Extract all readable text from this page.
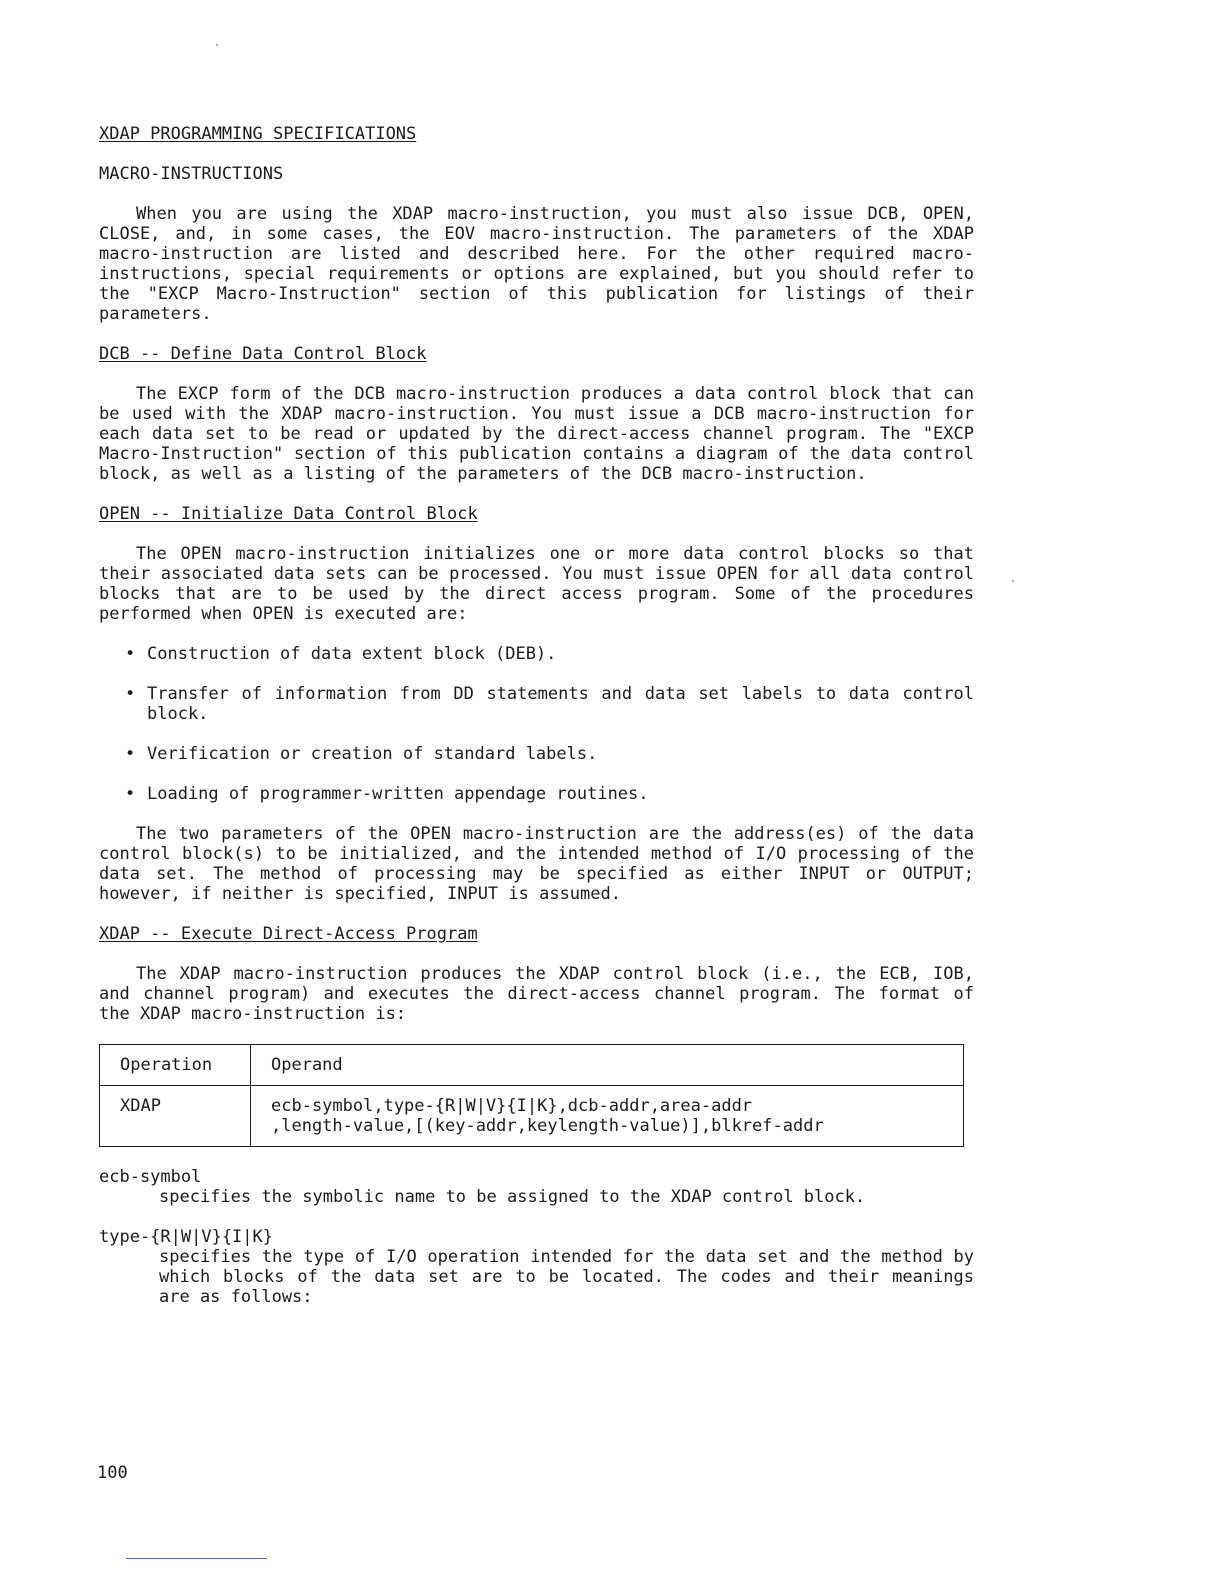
XDAP PROGRAMMING SPECIFICATIONS

MACRO-INSTRUCTIONS

When you are using the XDAP macro-instruction, you must also issue DCB, OPEN, CLOSE, and, in some cases, the EOV macro-instruction. The parameters of the XDAP macro-instruction are listed and described here. For the other required macro-instructions, special requirements or options are explained, but you should refer to the "EXCP Macro-Instruction" section of this publication for listings of their parameters.

DCB -- Define Data Control Block

The EXCP form of the DCB macro-instruction produces a data control block that can be used with the XDAP macro-instruction. You must issue a DCB macro-instruction for each data set to be read or updated by the direct-access channel program. The "EXCP Macro-Instruction" section of this publication contains a diagram of the data control block, as well as a listing of the parameters of the DCB macro-instruction.

OPEN -- Initialize Data Control Block

The OPEN macro-instruction initializes one or more data control blocks so that their associated data sets can be processed. You must issue OPEN for all data control blocks that are to be used by the direct access program. Some of the procedures performed when OPEN is executed are:

• Construction of data extent block (DEB).
• Transfer of information from DD statements and data set labels to data control block.
• Verification or creation of standard labels.
• Loading of programmer-written appendage routines.

The two parameters of the OPEN macro-instruction are the address(es) of the data control block(s) to be initialized, and the intended method of I/O processing of the data set. The method of processing may be specified as either INPUT or OUTPUT; however, if neither is specified, INPUT is assumed.

XDAP -- Execute Direct-Access Program

The XDAP macro-instruction produces the XDAP control block (i.e., the ECB, IOB, and channel program) and executes the direct-access channel program. The format of the XDAP macro-instruction is:

Operation	Operand
XDAP	ecb-symbol,type-{R|W|V}{I|K},dcb-addr,area-addr
,length-value,[(key-addr,keylength-value)],blkref-addr

ecb-symbol

specifies the symbolic name to be assigned to the XDAP control block.

type-{R|W|V}{I|K}

specifies the type of I/O operation intended for the data set and the method by which blocks of the data set are to be located. The codes and their meanings are as follows:

100
